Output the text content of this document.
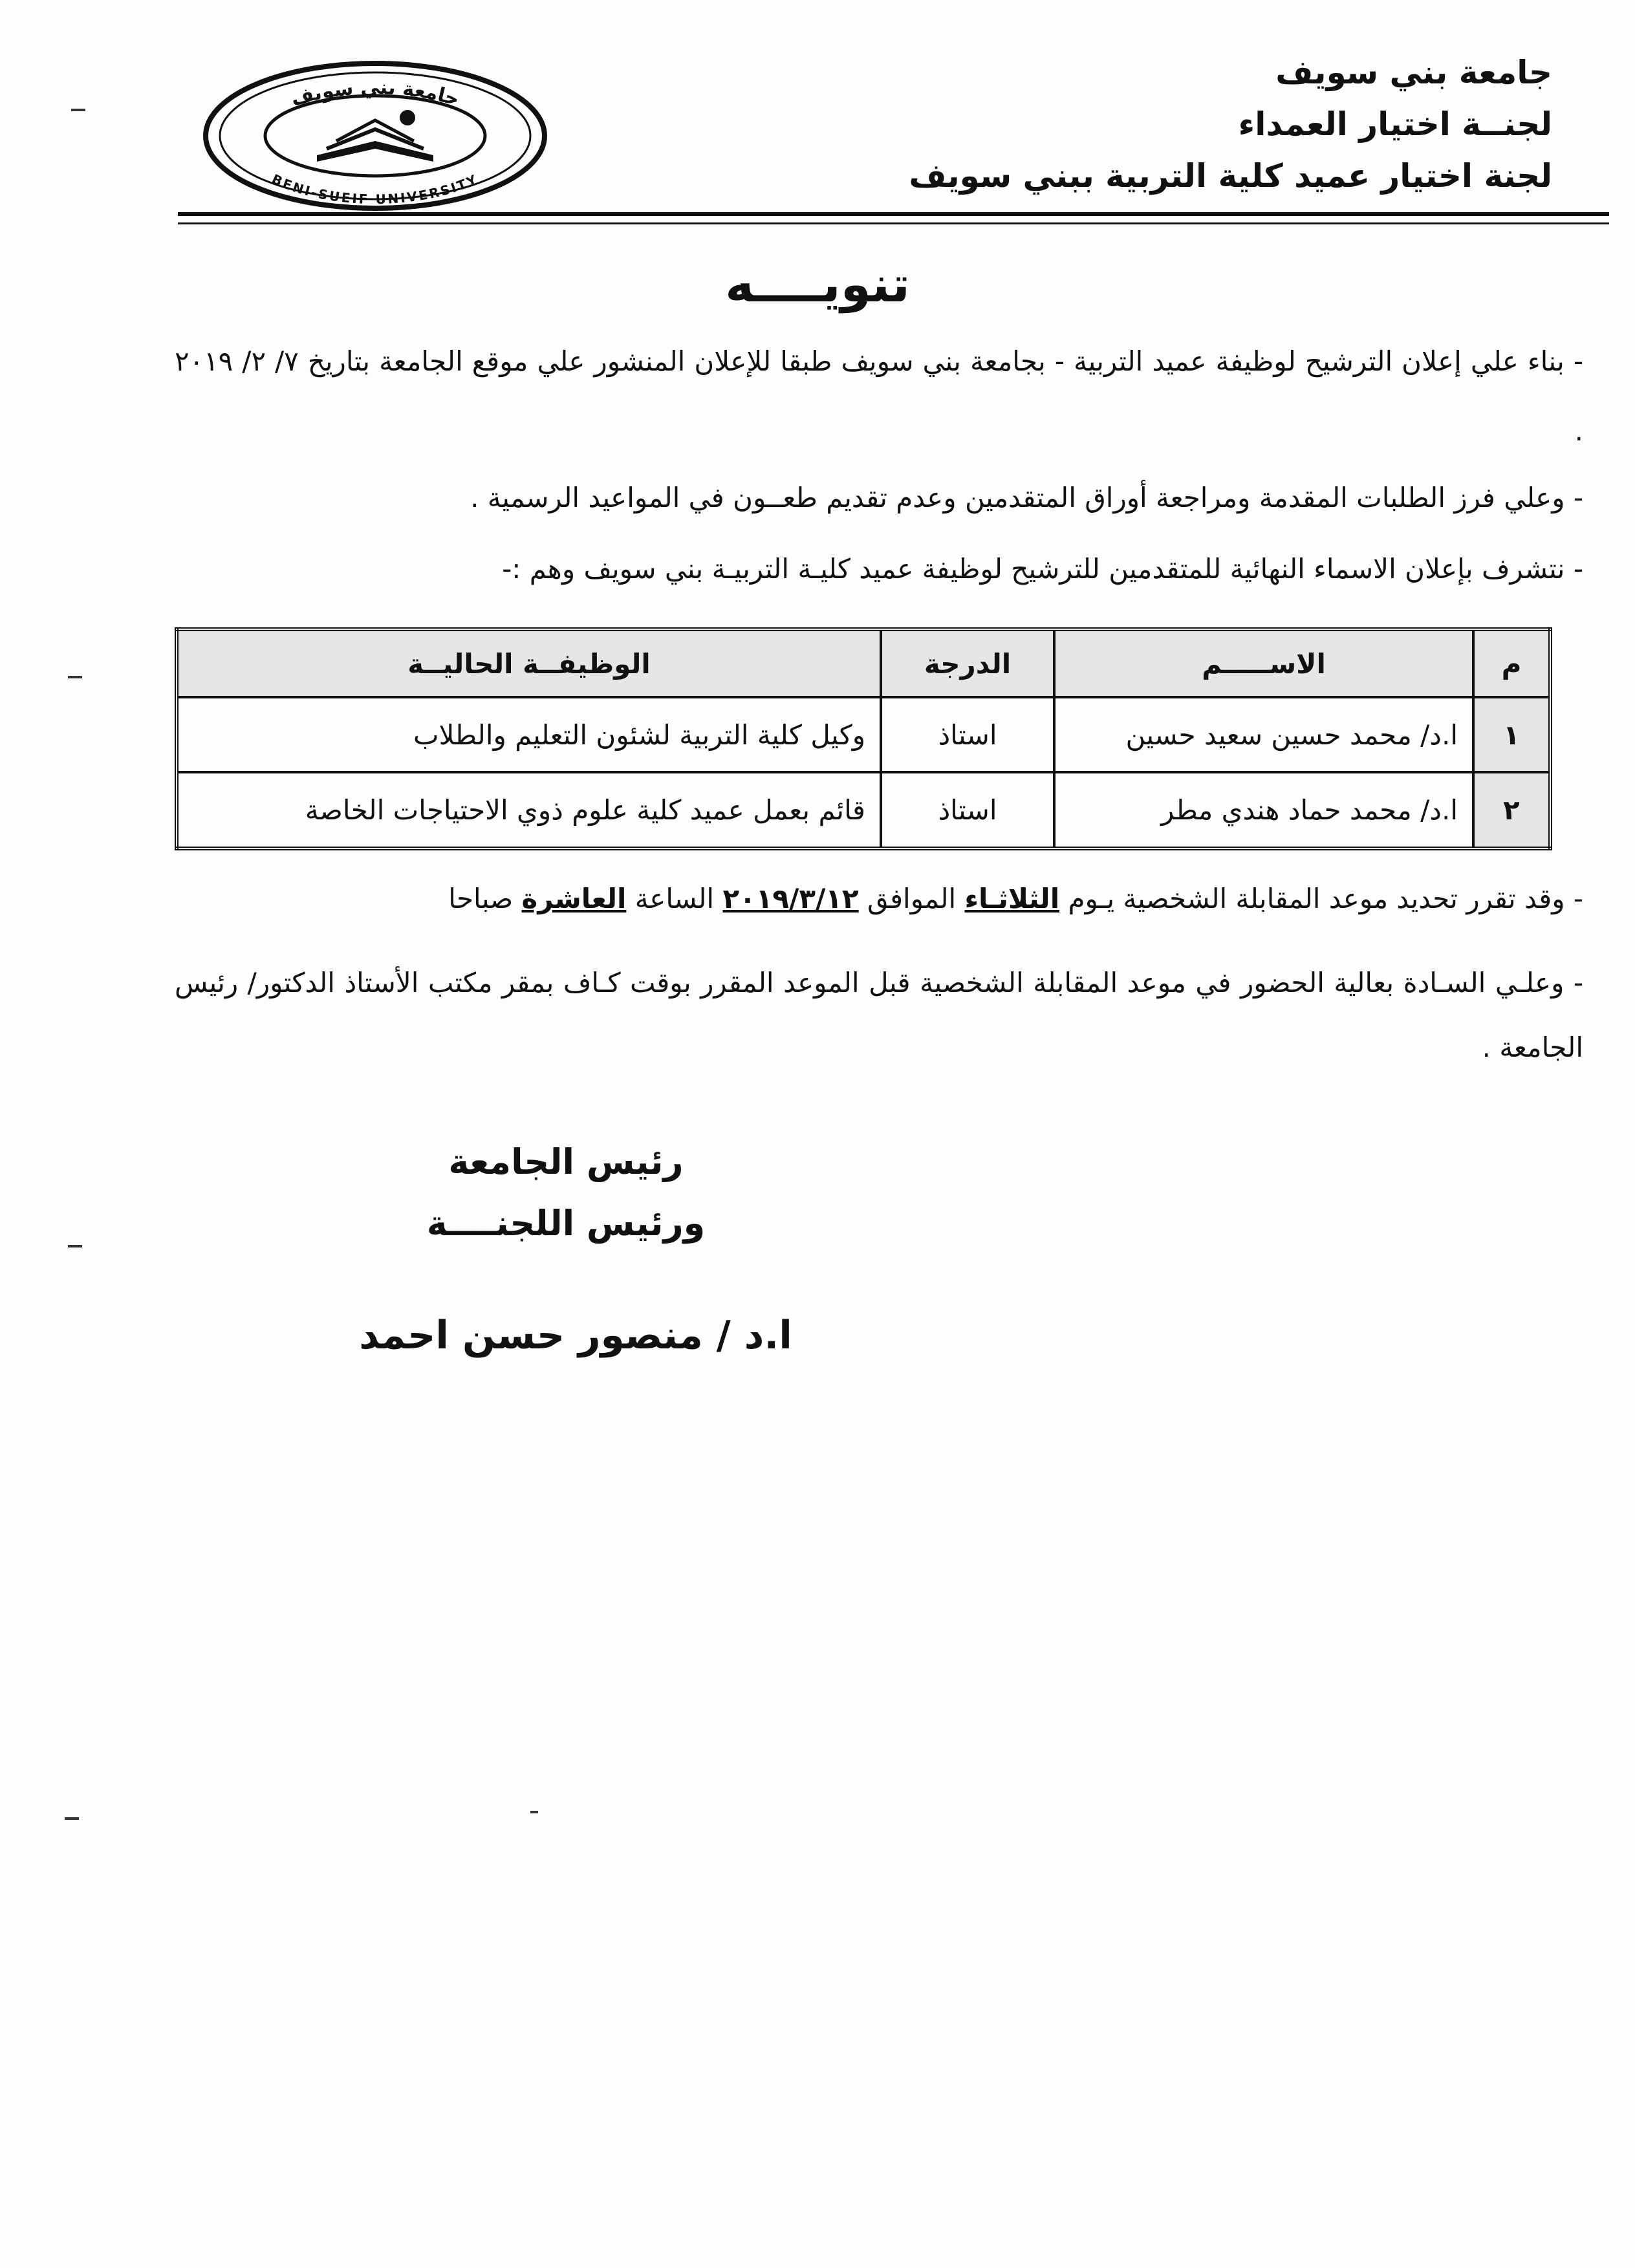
جامعة بني سويف
لجنــة اختيار العمداء
لجنة اختيار عميد كلية التربية ببني سويف
جامعة بني سويف
BENI-SUEIF UNIVERSITY
تنويــــه
- بناء علي إعلان الترشيح لوظيفة عميد التربية - بجامعة بني سويف طبقا للإعلان المنشور علي موقع الجامعة بتاريخ ٧/ ٢/ ٢٠١٩ .
- وعلي فرز الطلبات المقدمة ومراجعة أوراق المتقدمين وعدم تقديم طعــون في المواعيد الرسمية .
- نتشرف بإعلان الاسماء النهائية للمتقدمين للترشيح لوظيفة عميد كليـة التربيـة بني سويف وهم :-
م	الاســـــم	الدرجة	الوظيفــة الحاليــة
١	ا.د/ محمد حسين سعيد حسين	استاذ	وكيل كلية التربية لشئون التعليم والطلاب
٢	ا.د/ محمد حماد هندي مطر	استاذ	قائم بعمل عميد كلية علوم ذوي الاحتياجات الخاصة
- وقد تقرر تحديد موعد المقابلة الشخصية يـوم الثلاثـاء الموافق ٢٠١٩/٣/١٢ الساعة العاشرة صباحا
- وعلـي السـادة بعالية الحضور في موعد المقابلة الشخصية قبل الموعد المقرر بوقت كـاف بمقر مكتب الأستاذ الدكتور/ رئيس الجامعة .
رئيس الجامعة
ورئيس اللجنــــة
ا.د / منصور حسن احمد
